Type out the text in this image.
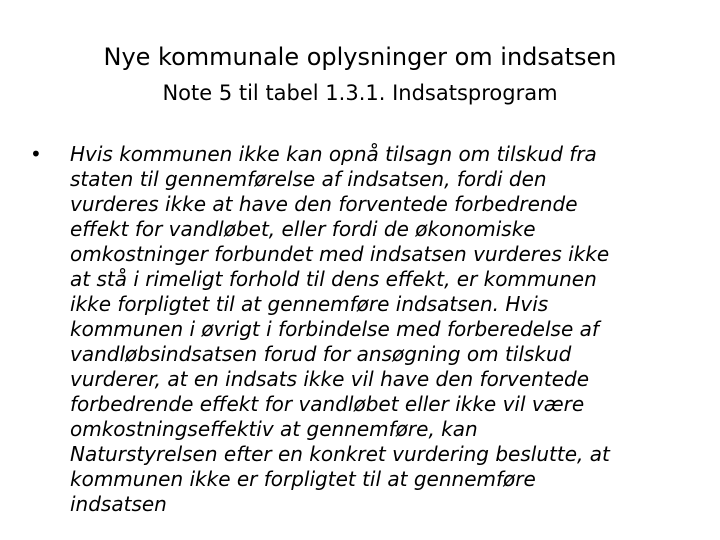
Nye kommunale oplysninger om indsatsen
Note 5 til tabel 1.3.1. Indsatsprogram
• Hvis kommunen ikke kan opnå tilsagn om tilskud fra
staten til gennemførelse af indsatsen, fordi den
vurderes ikke at have den forventede forbedrende
effekt for vandløbet, eller fordi de økonomiske
omkostninger forbundet med indsatsen vurderes ikke
at stå i rimeligt forhold til dens effekt, er kommunen
ikke forpligtet til at gennemføre indsatsen. Hvis
kommunen i øvrigt i forbindelse med forberedelse af
vandløbsindsatsen forud for ansøgning om tilskud
vurderer, at en indsats ikke vil have den forventede
forbedrende effekt for vandløbet eller ikke vil være
omkostningseffektiv at gennemføre, kan
Naturstyrelsen efter en konkret vurdering beslutte, at
kommunen ikke er forpligtet til at gennemføre
indsatsen
